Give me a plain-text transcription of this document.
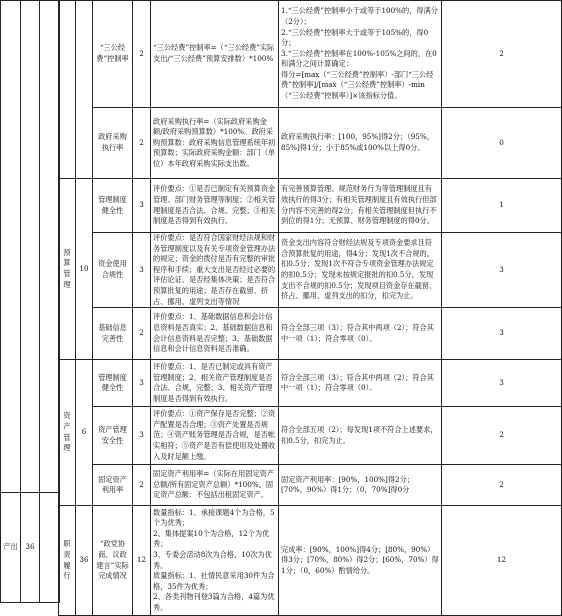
		“三公经费”控制率	2	“三公经费”控制率=（“三公经费”实际支出/“三公经费”预算安排数）*100%	1.“三公经费”控制率小于或等于100%的，得满分（2分）；
2.“三公经费”控制率大于或等于105%的，得0分；
3.“三公经费”控制率在100%-105%之间的，在0和满分之间计算确定：
得分=[max（“三公经费”控制率）-部门“三公经费”控制率]/[max（“三公经费”控制率）-min（“三公经费”控制率）]×该指标分值。	2
		政府采购执行率	2	政府采购执行率=（实际政府采购金额/政府采购预算数）*100%。政府采购预算数：政府采购信息管理系统年初预算数；实际政府采购金额：部门（单位）本年政府采购实际支出数。	政府采购执行率：[100，95%]得2分；（95%，85%]得1分；小于85%或100%以上得0分。	0
预算管理	10	管理制度健全性	3	评价要点：①是否已制定有关预算资金管理、部门财务管理等制度；②相关管理制度是否合法、合规、完整；③相关制度是否得到有效执行。	有完善预算管理、规范财务行为等管理制度且有效执行的得3分；有相关管理制度且有效执行但部分内容不完善的得2分；有相关管理制度但执行不到位的得1分；无预算、财务管理制度的得0分。	1
		资金使用合规性	3	评价要点：是否符合国家财经法规和财务管理制度以及有关专项资金管理办法的规定；资金的拨付是否有完整的审批程序和手续；重大支出是否经过必要的评估论证、是否经集体决策；是否符合预算批复的用途；是否存在截留、挤占、挪用、虚列支出等情况	资金支出内容符合财经法规及专项资金要求且符合预算批复的用途，得4分；发现1次不合规的，扣0.5分；发现1次不符合专项资金管理办法规定的扣0.5分；发现未按规定报批的扣0.5分，发现支出不合规的扣0.5分；发现项目资金存在截留、挤占、挪用、虚列支出的扣分，扣完为止。	3
		基础信息完善性	2	评价要点：1、基础数据信息和会计信息资料是否真实；2、基础数据信息和会计信息资料是否完整；3、基础数据信息和会计信息资料是否准确。	符合全部三项（3）；符合其中两项（2）；符合其中一项（1）；符合零项（0）。	3
资产管理	6	管理制度健全性	3	评价要点：1、是否已制定或具有资产管理制度；2、相关资产管理制度是否合法、合规、完整；3、相关资产管理制度是否得到有效执行。	符合全部三项（3）；符合其中两项（2）；符合其中一项（1）；符合零项（0）。	3
		资产管理安全性	3	评价要点：①资产保存是否完整；②资产配置是否合理；③资产处置是否规范；④资产账务管理是否合规，是否帐实相符；⑤资产是否有偿使用及处置收入及时足额上缴。	符合全部五项（2）；每发现1项不符合上述要求，扣0.5分，扣完为止。	2
		固定资产利用率	2	固定资产利用率=（实际在用固定资产总额/所有固定资产总额）*100%。固定资产总额：不包括出租固定资产。	固定资产利用率：[90%，100%]得2分；[70%，90%）得1分；（0，70%]得0分	2
职责履行	36	“政党协商、议政建言”实际完成情况	12	数量指标：1、承接课题4个为合格，5个为优秀；
2、集体提案10个为合格，12个为优秀；
3、专委会活动8次为合格，10次为优秀。
质量指标：1、社情民意采用30件为合格，35件为优秀；
2、各类刊物刊登3篇为合格，4篇为优秀。	完成率：[90%，100%]得4分；[80%，90%）得3分；[70%，80%）得2分；[60%，70%）得1分；（0，60%）酌情给分。	12

产出	36	
